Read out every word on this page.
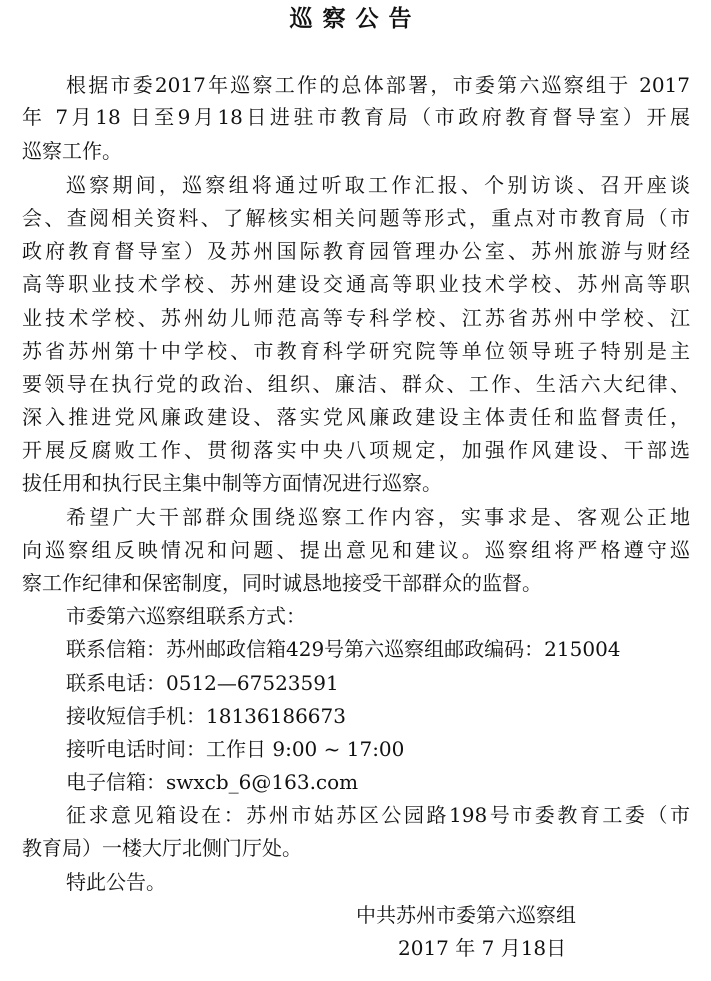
巡察公告
根据市委2017年巡察工作的总体部署，市委第六巡察组于 2017
年 7月18 日至9月18日进驻市教育局（市政府教育督导室）开展
巡察工作。
巡察期间，巡察组将通过听取工作汇报、个别访谈、召开座谈
会、查阅相关资料、了解核实相关问题等形式，重点对市教育局（市
政府教育督导室）及苏州国际教育园管理办公室、苏州旅游与财经
高等职业技术学校、苏州建设交通高等职业技术学校、苏州高等职
业技术学校、苏州幼儿师范高等专科学校、江苏省苏州中学校、江
苏省苏州第十中学校、市教育科学研究院等单位领导班子特别是主
要领导在执行党的政治、组织、廉洁、群众、工作、生活六大纪律、
深入推进党风廉政建设、落实党风廉政建设主体责任和监督责任，
开展反腐败工作、贯彻落实中央八项规定，加强作风建设、干部选
拔任用和执行民主集中制等方面情况进行巡察。
希望广大干部群众围绕巡察工作内容，实事求是、客观公正地
向巡察组反映情况和问题、提出意见和建议。巡察组将严格遵守巡
察工作纪律和保密制度，同时诚恳地接受干部群众的监督。
市委第六巡察组联系方式：
联系信箱：苏州邮政信箱429号第六巡察组邮政编码：215004
联系电话：0512—67523591
接收短信手机：18136186673
接听电话时间：工作日 9:00 ~ 17:00
电子信箱：swxcb_6@163.com
征求意见箱设在：苏州市姑苏区公园路198号市委教育工委（市
教育局）一楼大厅北侧门厅处。
特此公告。
中共苏州市委第六巡察组
2017 年 7 月18日
